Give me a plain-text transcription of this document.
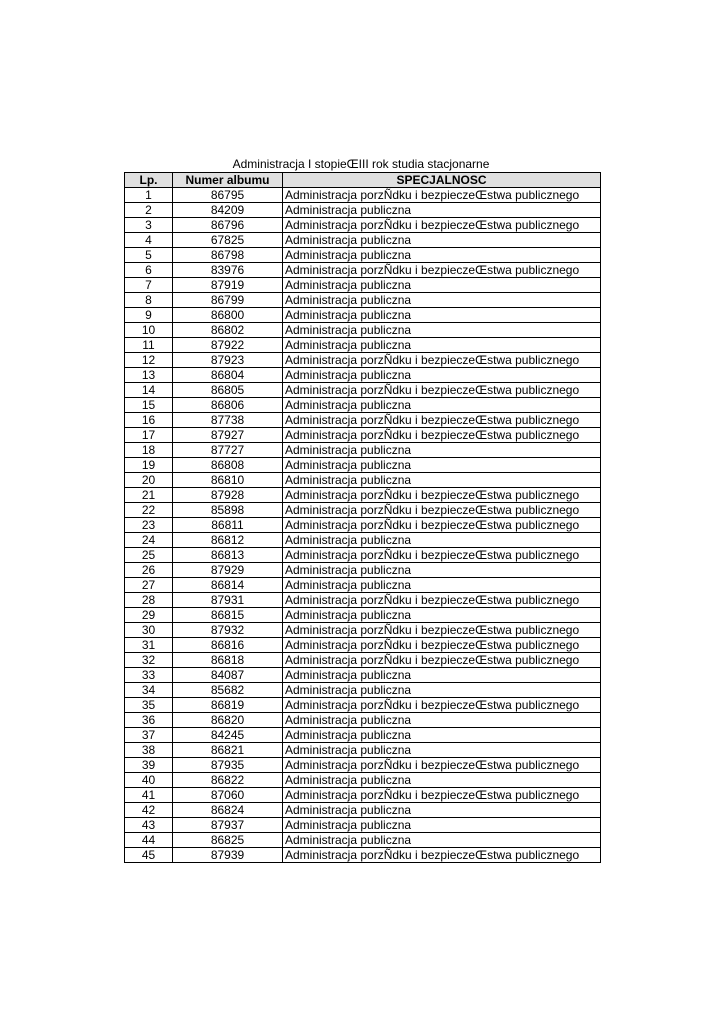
Administracja I stopieŒIII rok studia stacjonarne
Lp.	Numer albumu	SPECJALNOSC
1	86795	Administracja porzÑdku i bezpieczeŒstwa publicznego
2	84209	Administracja publiczna
3	86796	Administracja porzÑdku i bezpieczeŒstwa publicznego
4	67825	Administracja publiczna
5	86798	Administracja publiczna
6	83976	Administracja porzÑdku i bezpieczeŒstwa publicznego
7	87919	Administracja publiczna
8	86799	Administracja publiczna
9	86800	Administracja publiczna
10	86802	Administracja publiczna
11	87922	Administracja publiczna
12	87923	Administracja porzÑdku i bezpieczeŒstwa publicznego
13	86804	Administracja publiczna
14	86805	Administracja porzÑdku i bezpieczeŒstwa publicznego
15	86806	Administracja publiczna
16	87738	Administracja porzÑdku i bezpieczeŒstwa publicznego
17	87927	Administracja porzÑdku i bezpieczeŒstwa publicznego
18	87727	Administracja publiczna
19	86808	Administracja publiczna
20	86810	Administracja publiczna
21	87928	Administracja porzÑdku i bezpieczeŒstwa publicznego
22	85898	Administracja porzÑdku i bezpieczeŒstwa publicznego
23	86811	Administracja porzÑdku i bezpieczeŒstwa publicznego
24	86812	Administracja publiczna
25	86813	Administracja porzÑdku i bezpieczeŒstwa publicznego
26	87929	Administracja publiczna
27	86814	Administracja publiczna
28	87931	Administracja porzÑdku i bezpieczeŒstwa publicznego
29	86815	Administracja publiczna
30	87932	Administracja porzÑdku i bezpieczeŒstwa publicznego
31	86816	Administracja porzÑdku i bezpieczeŒstwa publicznego
32	86818	Administracja porzÑdku i bezpieczeŒstwa publicznego
33	84087	Administracja publiczna
34	85682	Administracja publiczna
35	86819	Administracja porzÑdku i bezpieczeŒstwa publicznego
36	86820	Administracja publiczna
37	84245	Administracja publiczna
38	86821	Administracja publiczna
39	87935	Administracja porzÑdku i bezpieczeŒstwa publicznego
40	86822	Administracja publiczna
41	87060	Administracja porzÑdku i bezpieczeŒstwa publicznego
42	86824	Administracja publiczna
43	87937	Administracja publiczna
44	86825	Administracja publiczna
45	87939	Administracja porzÑdku i bezpieczeŒstwa publicznego
